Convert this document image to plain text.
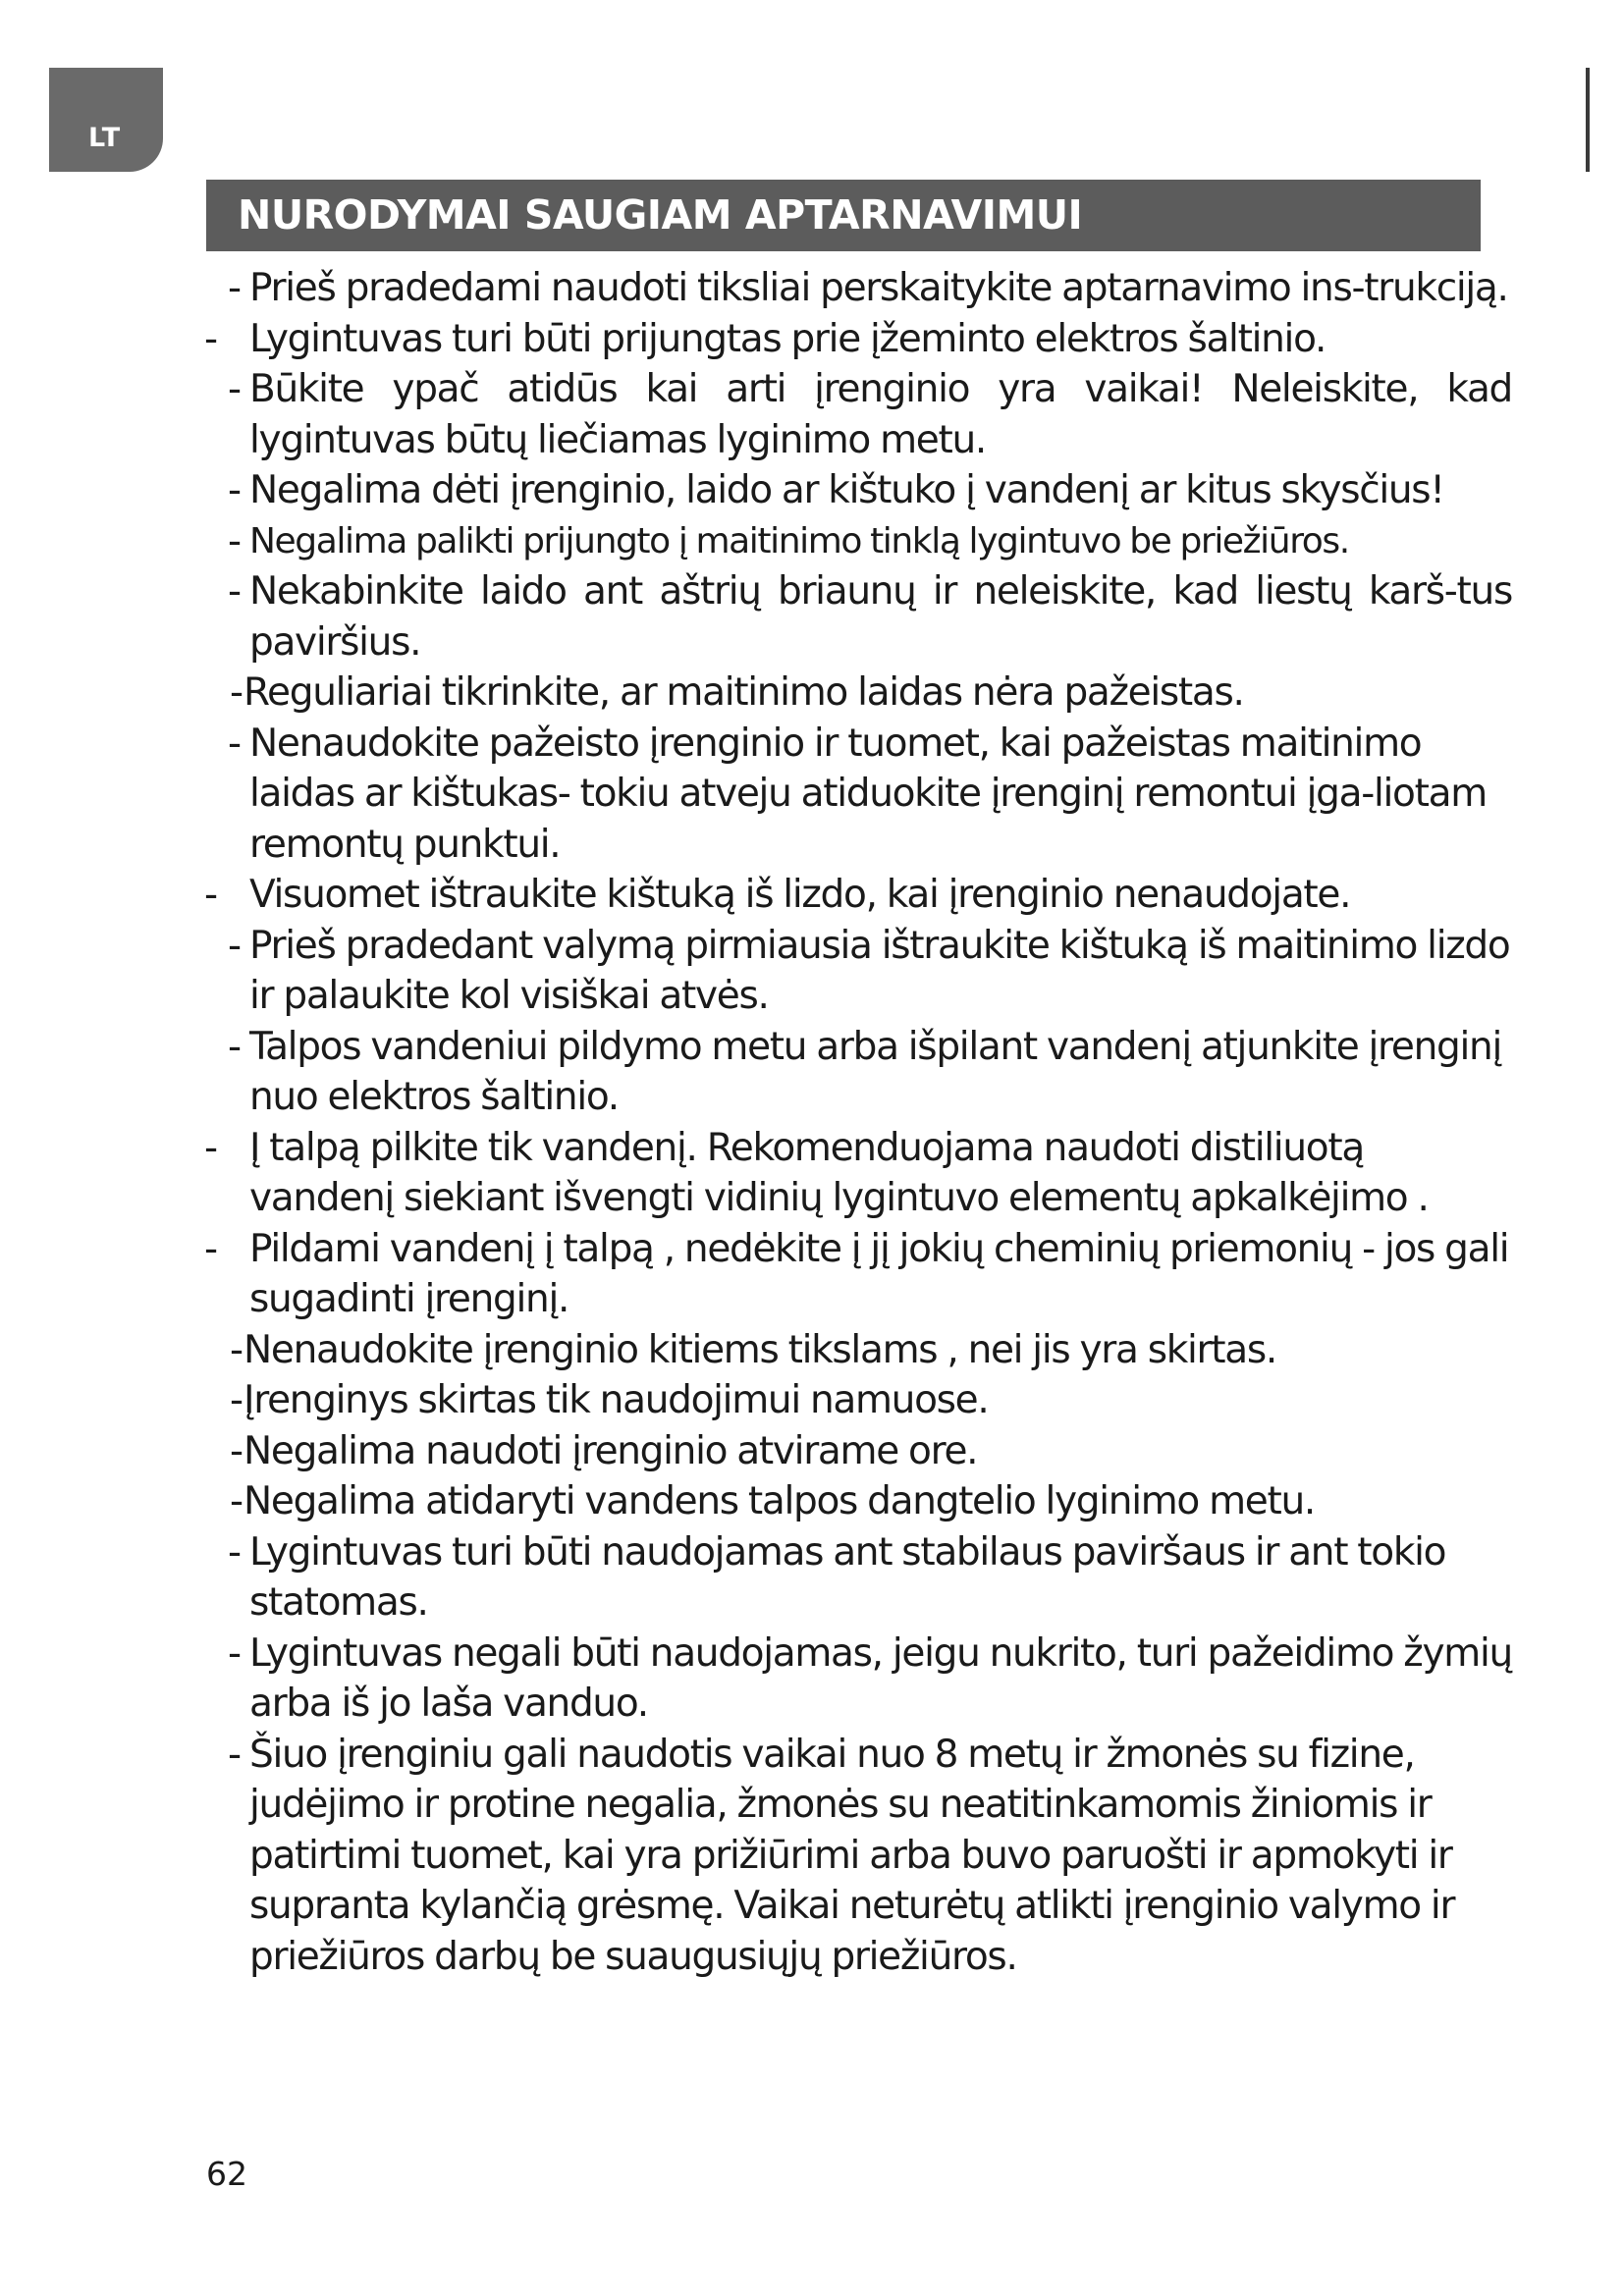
LT
NURODYMAI SAUGIAM APTARNAVIMUI
- Prieš pradedami naudoti tiksliai perskaitykite aptarnavimo ins-trukciją.
- Lygintuvas turi būti prijungtas prie įžeminto elektros šaltinio.
- Būkite ypač atidūs kai arti įrenginio yra vaikai! Neleiskite, kad lygintuvas būtų liečiamas lyginimo metu.
- Negalima dėti įrenginio, laido ar kištuko į vandenį ar kitus skysčius!
- Negalima palikti prijungto į maitinimo tinklą lygintuvo be priežiūros.
- Nekabinkite laido ant aštrių briaunų ir neleiskite, kad liestų karš-tus paviršius.
- Reguliariai tikrinkite, ar maitinimo laidas nėra pažeistas.
- Nenaudokite pažeisto įrenginio ir tuomet, kai pažeistas maitinimo laidas ar kištukas- tokiu atveju atiduokite įrenginį remontui įga-liotam remontų punktui.
- Visuomet ištraukite kištuką iš lizdo, kai įrenginio nenaudojate.
- Prieš pradedant valymą pirmiausia ištraukite kištuką iš maitinimo lizdo ir palaukite kol visiškai atvės.
- Talpos vandeniui pildymo metu arba išpilant vandenį atjunkite įrenginį nuo elektros šaltinio.
- Į talpą pilkite tik vandenį. Rekomenduojama naudoti distiliuotą vandenį siekiant išvengti vidinių lygintuvo elementų apkalkėjimo .
- Pildami vandenį į talpą , nedėkite į jį jokių cheminių priemonių - jos gali sugadinti įrenginį.
- Nenaudokite įrenginio kitiems tikslams , nei jis yra skirtas.
- Įrenginys skirtas tik naudojimui namuose.
- Negalima naudoti įrenginio atvirame ore.
- Negalima atidaryti vandens talpos dangtelio lyginimo metu.
- Lygintuvas turi būti naudojamas ant stabilaus paviršaus ir ant tokio statomas.
- Lygintuvas negali būti naudojamas, jeigu nukrito, turi pažeidimo žymių arba iš jo laša vanduo.
- Šiuo įrenginiu gali naudotis vaikai nuo 8 metų ir žmonės su fizine, judėjimo ir protine negalia, žmonės su neatitinkamomis žiniomis ir patirtimi tuomet, kai yra prižiūrimi arba buvo paruošti ir apmokyti ir supranta kylančią grėsmę. Vaikai neturėtų atlikti įrenginio valymo ir priežiūros darbų be suaugusiųjų priežiūros.
62
